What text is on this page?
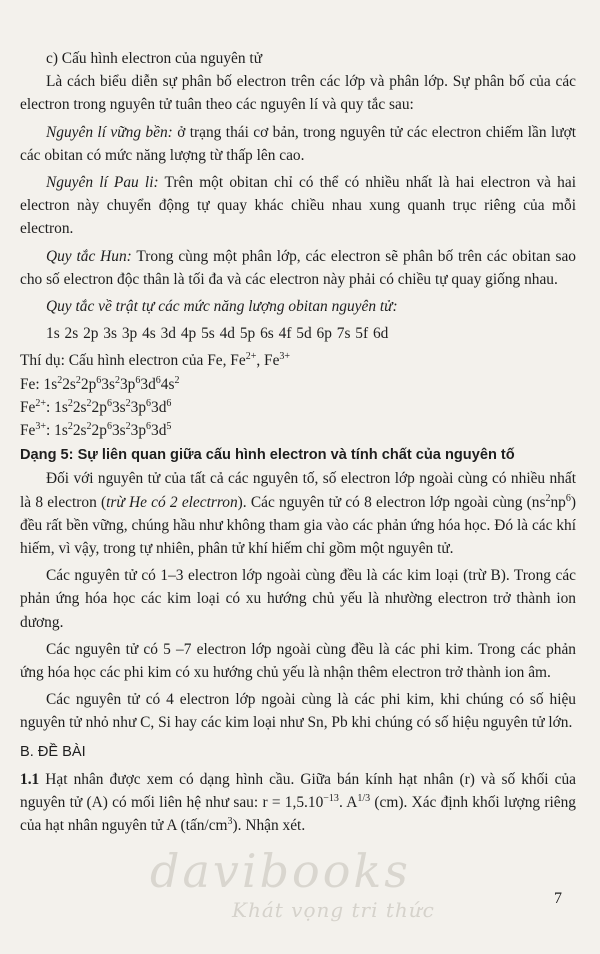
c) Cấu hình electron của nguyên tử

Là cách biểu diễn sự phân bố electron trên các lớp và phân lớp. Sự phân bố của các electron trong nguyên tử tuân theo các nguyên lí và quy tắc sau:

Nguyên lí vững bền: ở trạng thái cơ bản, trong nguyên tử các electron chiếm lần lượt các obitan có mức năng lượng từ thấp lên cao.

Nguyên lí Pau li: Trên một obitan chỉ có thể có nhiều nhất là hai electron và hai electron này chuyển động tự quay khác chiều nhau xung quanh trục riêng của mỗi electron.

Quy tắc Hun: Trong cùng một phân lớp, các electron sẽ phân bố trên các obitan sao cho số electron độc thân là tối đa và các electron này phải có chiều tự quay giống nhau.

Quy tắc về trật tự các mức năng lượng obitan nguyên tử:

1s 2s 2p 3s 3p 4s 3d 4p 5s 4d 5p 6s 4f 5d 6p 7s 5f 6d

Thí dụ: Cấu hình electron của Fe, $Fe^{2+}$, $Fe^{3+}$

Fe: $1s^22s^22p^63s^23p^63d^64s^2$

$Fe^{2+}$: $1s^22s^22p^63s^23p^63d^6$

$Fe^{3+}$: $1s^22s^22p^63s^23p^63d^5$

Dạng 5: Sự liên quan giữa cấu hình electron và tính chất của nguyên tố

Đối với nguyên tử của tất cả các nguyên tố, số electron lớp ngoài cùng có nhiều nhất là 8 electron (trừ He có 2 electrron). Các nguyên tử có 8 electron lớp ngoài cùng $(ns^2np^6)$ đều rất bền vững, chúng hầu như không tham gia vào các phản ứng hóa học. Đó là các khí hiếm, vì vậy, trong tự nhiên, phân tử khí hiếm chỉ gồm một nguyên tử.

Các nguyên tử có 1–3 electron lớp ngoài cùng đều là các kim loại (trừ B). Trong các phản ứng hóa học các kim loại có xu hướng chủ yếu là nhường electron trở thành ion dương.

Các nguyên tử có 5 –7 electron lớp ngoài cùng đều là các phi kim. Trong các phản ứng hóa học các phi kim có xu hướng chủ yếu là nhận thêm electron trở thành ion âm.

Các nguyên tử có 4 electron lớp ngoài cùng là các phi kim, khi chúng có số hiệu nguyên tử nhỏ như C, Si hay các kim loại như Sn, Pb khi chúng có số hiệu nguyên tử lớn.

B. ĐỀ BÀI

1.1 Hạt nhân được xem có dạng hình cầu. Giữa bán kính hạt nhân (r) và số khối của nguyên tử (A) có mối liên hệ như sau: $r = 1,5.10^{-13}$. $A^{1/3}$ (cm). Xác định khối lượng riêng của hạt nhân nguyên tử A $(tấn/cm^3)$. Nhận xét.

davibooks
Khát vọng tri thức	7
